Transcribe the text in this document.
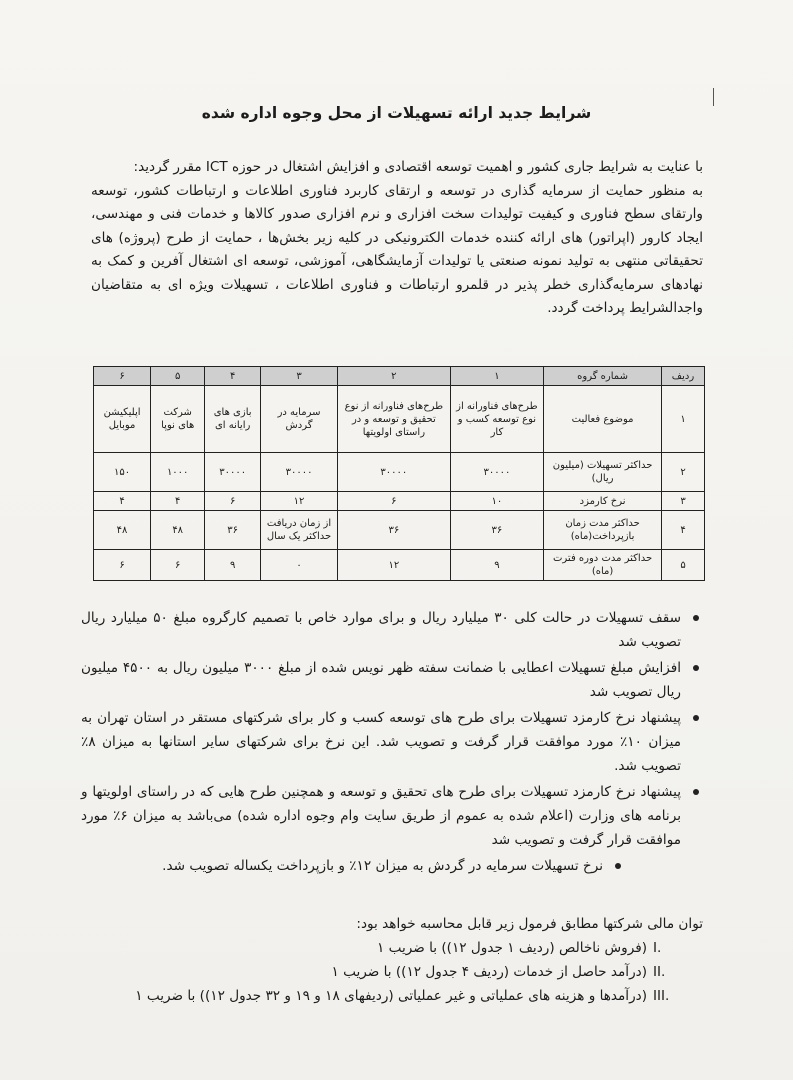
شرایط جدید ارائه تسهیلات از محل وجوه اداره شده

با عنایت به شرایط جاری کشور و اهمیت توسعه اقتصادی و افزایش اشتغال در حوزه ICT مقرر گردید:

به منظور حمایت از سرمایه گذاری در توسعه و ارتقای کاربرد فناوری اطلاعات و ارتباطات کشور، توسعه وارتقای سطح فناوری و کیفیت تولیدات سخت افزاری و نرم افزاری صدور کالاها و خدمات فنی و مهندسی، ایجاد کارور (اپراتور) های ارائه کننده خدمات الکترونیکی در کلیه زیر بخش‌ها ، حمایت از طرح (پروژه) های تحقیقاتی منتهی به تولید نمونه صنعتی یا تولیدات آزمایشگاهی، آموزشی، توسعه ای اشتغال آفرین و کمک به نهادهای سرمایه‌گذاری خطر پذیر در قلمرو ارتباطات و فناوری اطلاعات ، تسهیلات ویژه ای به متقاضیان واجدالشرایط پرداخت گردد.

ردیف	شماره گروه	۱	۲	۳	۴	۵	۶
۱	موضوع فعالیت	طرح‌های فناورانه از نوع توسعه کسب و کار	طرح‌های فناورانه از نوع تحقیق و توسعه و در راستای اولویتها	سرمایه در گردش	بازی های رایانه ای	شرکت های نوپا	اپلیکیشن موبایل
۲	حداکثر تسهیلات (میلیون ریال)	۳۰۰۰۰	۳۰۰۰۰	۳۰۰۰۰	۳۰۰۰۰	۱۰۰۰	۱۵۰
۳	نرخ کارمزد	۱۰	۶	۱۲	۶	۴	۴
۴	حداکثر مدت زمان بازپرداخت(ماه)	۳۶	۳۶	از زمان دریافت حداکثر یک سال	۳۶	۴۸	۴۸
۵	حداکثر مدت دوره فترت (ماه)	۹	۱۲	۰	۹	۶	۶
سقف تسهیلات در حالت کلی ۳۰ میلیارد ریال و برای موارد خاص با تصمیم کارگروه مبلغ ۵۰ میلیارد ریال تصویب شد
افزایش مبلغ تسهیلات اعطایی با ضمانت سفته ظهر نویس شده از مبلغ ۳۰۰۰ میلیون ریال به ۴۵۰۰ میلیون ریال تصویب شد
پیشنهاد نرخ کارمزد تسهیلات برای طرح های توسعه کسب و کار برای شرکتهای مستقر در استان تهران به میزان ۱۰٪ مورد موافقت قرار گرفت و تصویب شد. این نرخ برای شرکتهای سایر استانها به میزان ۸٪ تصویب شد.
پیشنهاد نرخ کارمزد تسهیلات برای طرح های تحقیق و توسعه و همچنین طرح هایی که در راستای اولویتها و برنامه های وزارت (اعلام شده به عموم از طریق سایت وام وجوه اداره شده) می‌باشد به میزان ۶٪ مورد موافقت قرار گرفت و تصویب شد
نرخ تسهیلات سرمایه در گردش به میزان ۱۲٪ و بازپرداخت یکساله تصویب شد.
توان مالی شرکتها مطابق فرمول زیر قابل محاسبه خواهد بود:
I.
(فروش ناخالص (ردیف ۱ جدول ۱۲)) با ضریب ۱
II.
(درآمد حاصل از خدمات (ردیف ۴ جدول ۱۲)) با ضریب ۱
III.
(درآمدها و هزینه های عملیاتی و غیر عملیاتی (ردیفهای ۱۸ و ۱۹ و ۳۲ جدول ۱۲)) با ضریب ۱
